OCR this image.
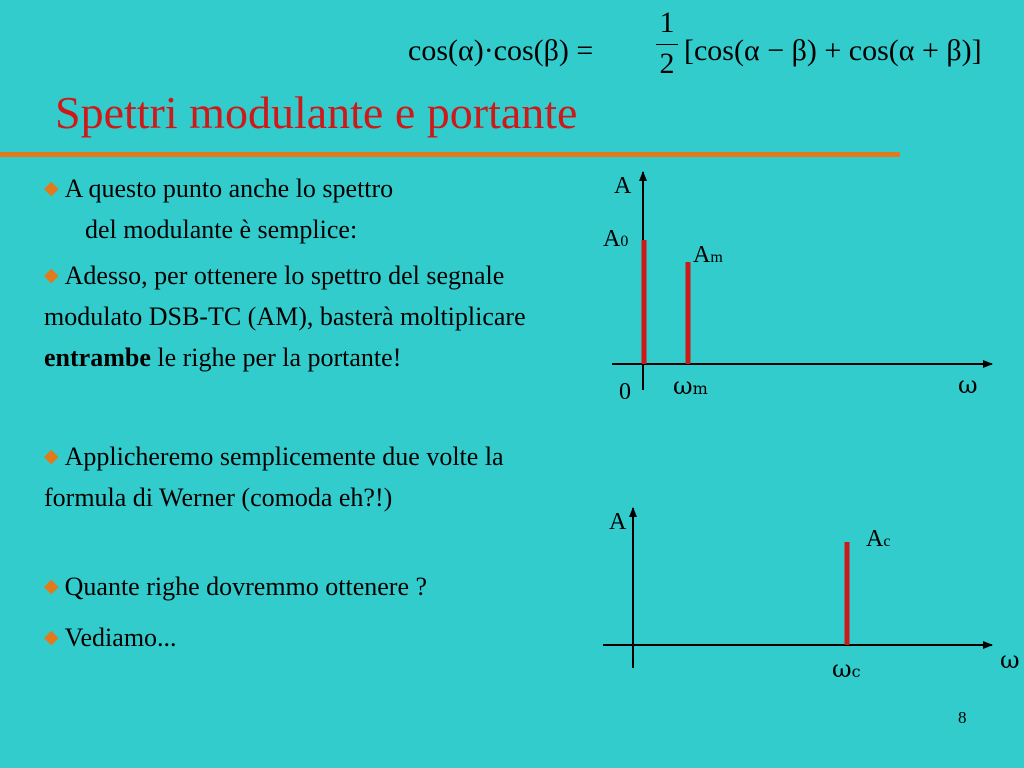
cos(α)·cos(β) =
1
2 [cos(α − β) + cos(α + β)]
Spettri modulante e portante
◆ A questo punto anche lo spettro
del modulante è semplice:
◆ Adesso, per ottenere lo spettro del segnale modulato DSB-TC (AM), basterà moltiplicare entrambe le righe per la portante!
◆ Applicheremo semplicemente due volte la formula di Werner (comoda eh?!)
◆ Quante righe dovremmo ottenere ?
◆ Vediamo...
A
A0
Am
0 ωm	ω
A
Ac
ωc	ω
8
